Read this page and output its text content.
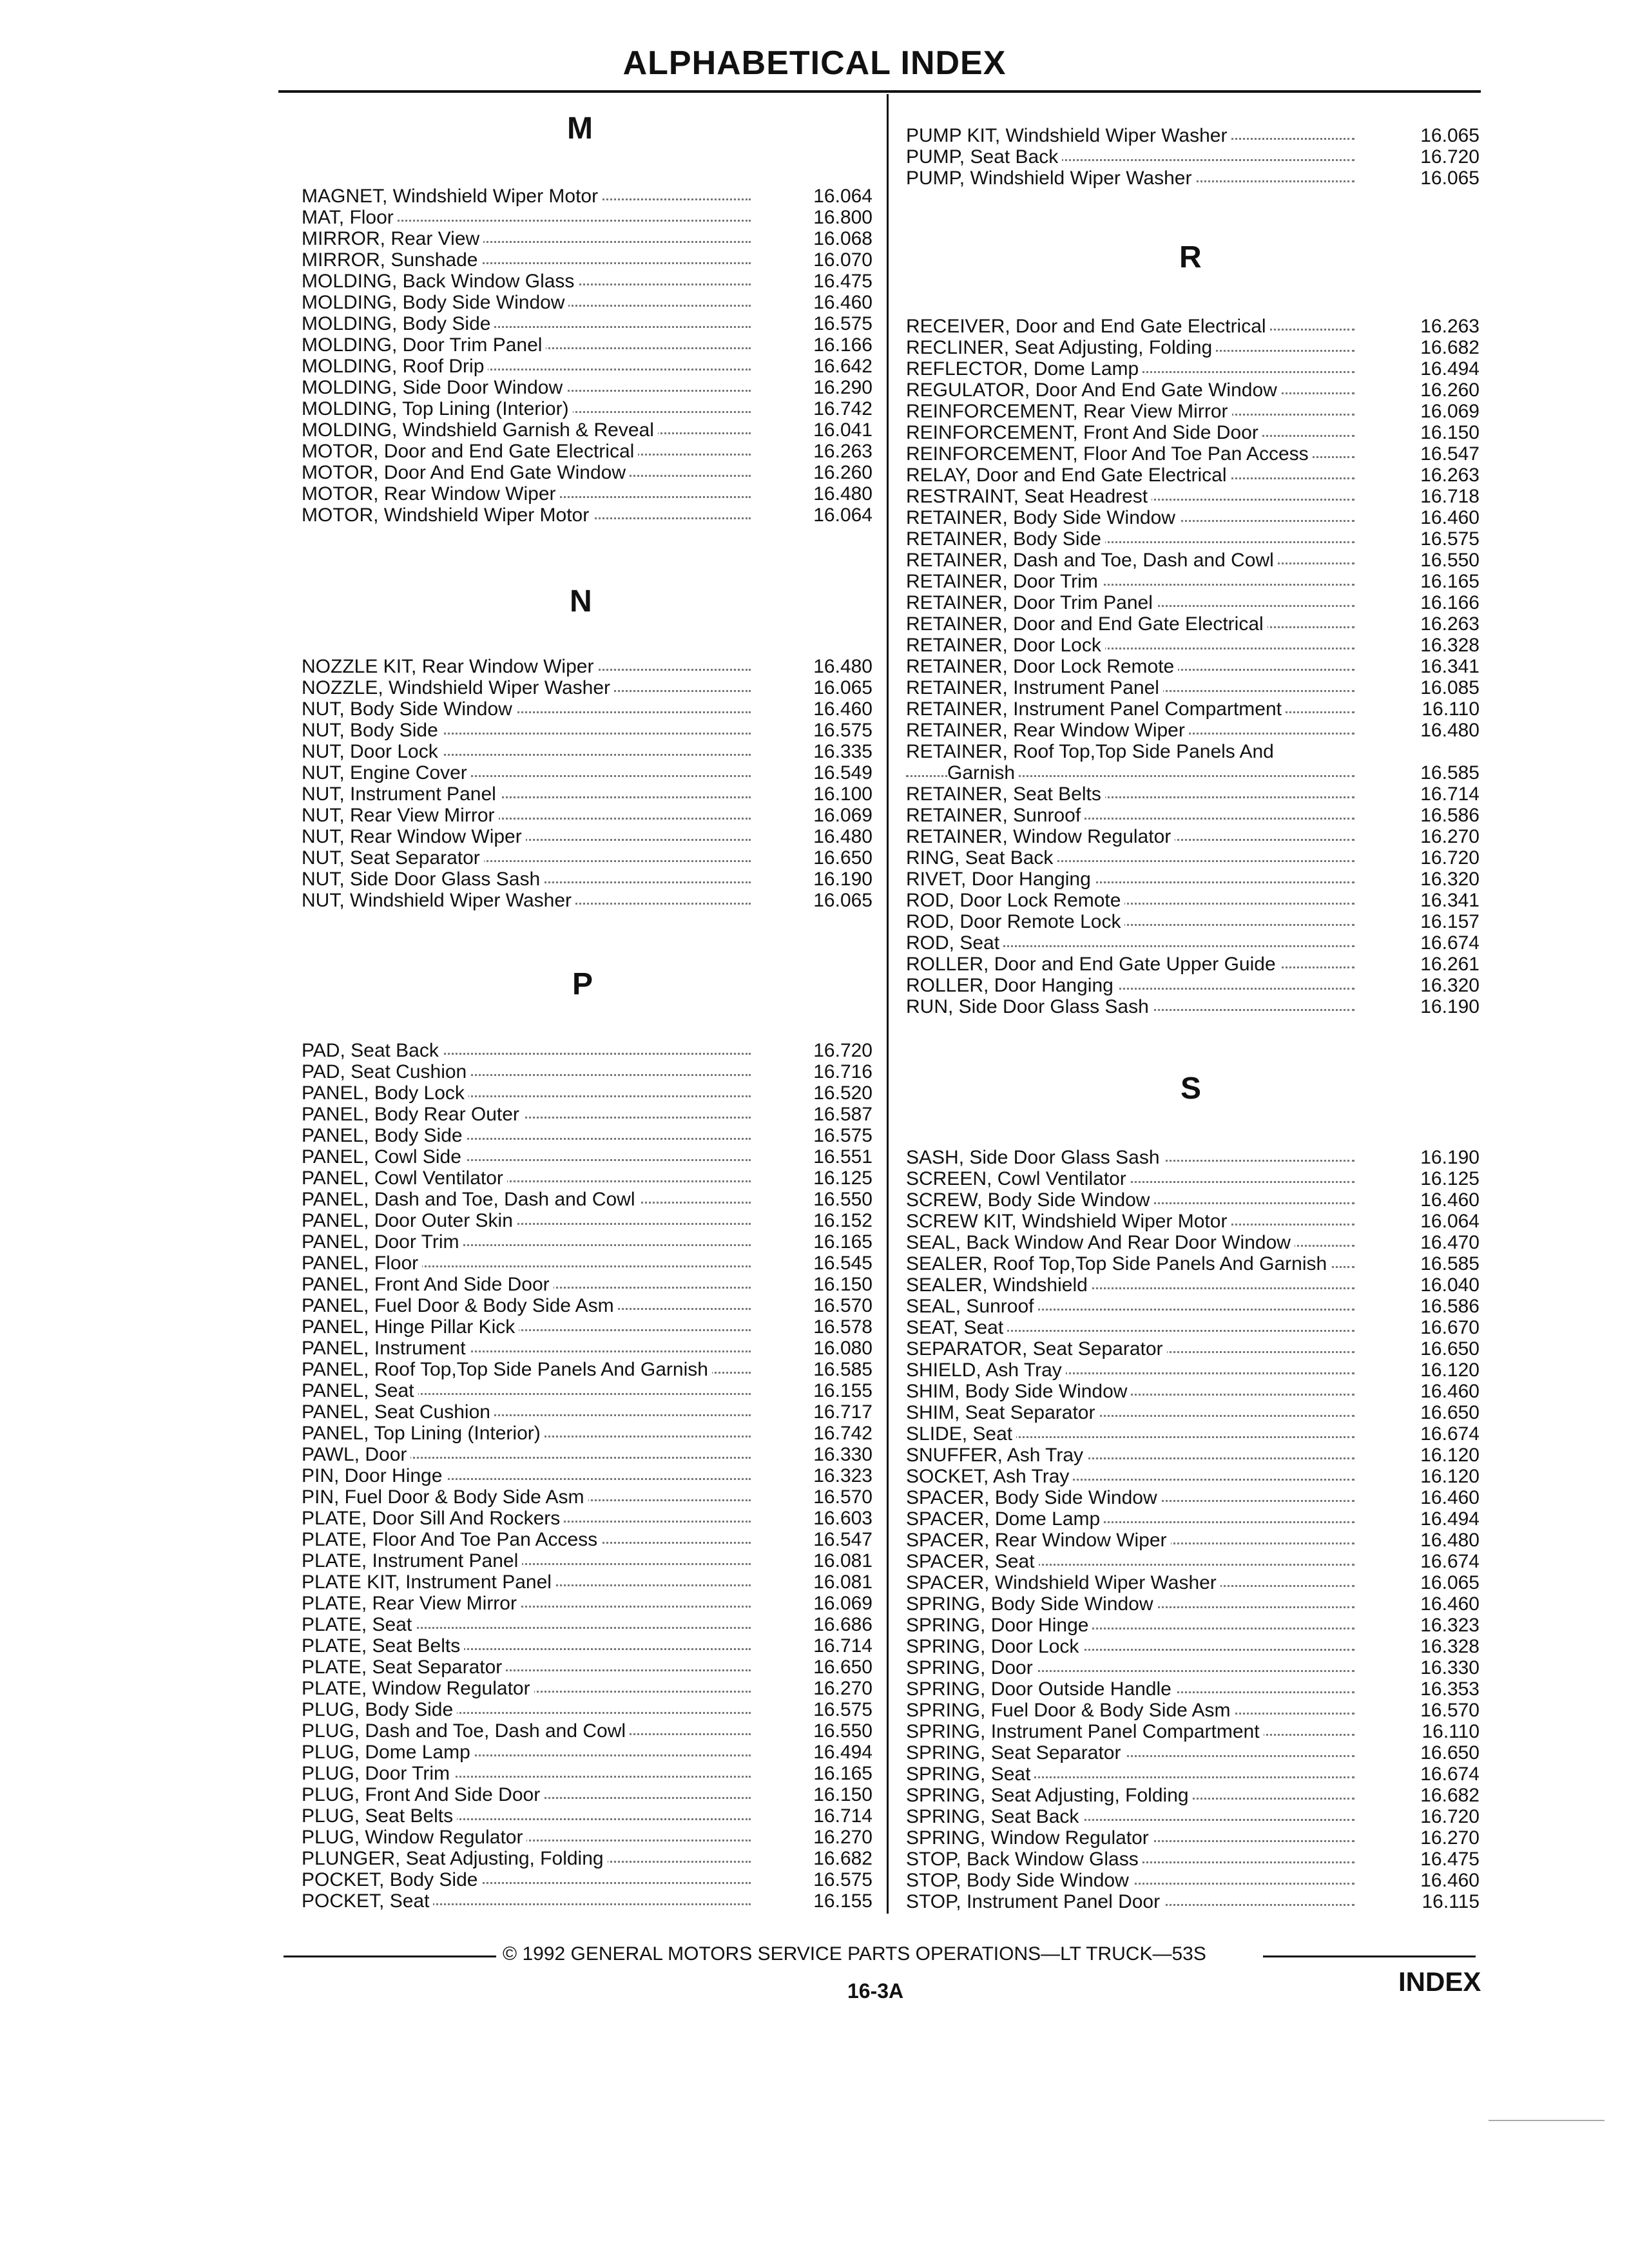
ALPHABETICAL INDEX
M
MAGNET, Windshield Wiper Motor	16.064
MAT, Floor	16.800
MIRROR, Rear View	16.068
MIRROR, Sunshade	16.070
MOLDING, Back Window Glass	16.475
MOLDING, Body Side Window	16.460
MOLDING, Body Side	16.575
MOLDING, Door Trim Panel	16.166
MOLDING, Roof Drip	16.642
MOLDING, Side Door Window	16.290
MOLDING, Top Lining (Interior)	16.742
MOLDING, Windshield Garnish & Reveal	16.041
MOTOR, Door and End Gate Electrical	16.263
MOTOR, Door And End Gate Window	16.260
MOTOR, Rear Window Wiper	16.480
MOTOR, Windshield Wiper Motor	16.064
N
NOZZLE KIT, Rear Window Wiper	16.480
NOZZLE, Windshield Wiper Washer	16.065
NUT, Body Side Window	16.460
NUT, Body Side	16.575
NUT, Door Lock	16.335
NUT, Engine Cover	16.549
NUT, Instrument Panel	16.100
NUT, Rear View Mirror	16.069
NUT, Rear Window Wiper	16.480
NUT, Seat Separator	16.650
NUT, Side Door Glass Sash	16.190
NUT, Windshield Wiper Washer	16.065
P
PAD, Seat Back	16.720
PAD, Seat Cushion	16.716
PANEL, Body Lock	16.520
PANEL, Body Rear Outer	16.587
PANEL, Body Side	16.575
PANEL, Cowl Side	16.551
PANEL, Cowl Ventilator	16.125
PANEL, Dash and Toe, Dash and Cowl	16.550
PANEL, Door Outer Skin	16.152
PANEL, Door Trim	16.165
PANEL, Floor	16.545
PANEL, Front And Side Door	16.150
PANEL, Fuel Door & Body Side Asm	16.570
PANEL, Hinge Pillar Kick	16.578
PANEL, Instrument	16.080
PANEL, Roof Top,Top Side Panels And Garnish	16.585
PANEL, Seat	16.155
PANEL, Seat Cushion	16.717
PANEL, Top Lining (Interior)	16.742
PAWL, Door	16.330
PIN, Door Hinge	16.323
PIN, Fuel Door & Body Side Asm	16.570
PLATE, Door Sill And Rockers	16.603
PLATE, Floor And Toe Pan Access	16.547
PLATE, Instrument Panel	16.081
PLATE KIT, Instrument Panel	16.081
PLATE, Rear View Mirror	16.069
PLATE, Seat	16.686
PLATE, Seat Belts	16.714
PLATE, Seat Separator	16.650
PLATE, Window Regulator	16.270
PLUG, Body Side	16.575
PLUG, Dash and Toe, Dash and Cowl	16.550
PLUG, Dome Lamp	16.494
PLUG, Door Trim	16.165
PLUG, Front And Side Door	16.150
PLUG, Seat Belts	16.714
PLUG, Window Regulator	16.270
PLUNGER, Seat Adjusting, Folding	16.682
POCKET, Body Side	16.575
POCKET, Seat	16.155
PUMP KIT, Windshield Wiper Washer	16.065
PUMP, Seat Back	16.720
PUMP, Windshield Wiper Washer	16.065
R
RECEIVER, Door and End Gate Electrical	16.263
RECLINER, Seat Adjusting, Folding	16.682
REFLECTOR, Dome Lamp	16.494
REGULATOR, Door And End Gate Window	16.260
REINFORCEMENT, Rear View Mirror	16.069
REINFORCEMENT, Front And Side Door	16.150
REINFORCEMENT, Floor And Toe Pan Access	16.547
RELAY, Door and End Gate Electrical	16.263
RESTRAINT, Seat Headrest	16.718
RETAINER, Body Side Window	16.460
RETAINER, Body Side	16.575
RETAINER, Dash and Toe, Dash and Cowl	16.550
RETAINER, Door Trim	16.165
RETAINER, Door Trim Panel	16.166
RETAINER, Door and End Gate Electrical	16.263
RETAINER, Door Lock	16.328
RETAINER, Door Lock Remote	16.341
RETAINER, Instrument Panel	16.085
RETAINER, Instrument Panel Compartment	16.110
RETAINER, Rear Window Wiper	16.480
RETAINER, Roof Top,Top Side Panels And
Garnish	16.585
RETAINER, Seat Belts	16.714
RETAINER, Sunroof	16.586
RETAINER, Window Regulator	16.270
RING, Seat Back	16.720
RIVET, Door Hanging	16.320
ROD, Door Lock Remote	16.341
ROD, Door Remote Lock	16.157
ROD, Seat	16.674
ROLLER, Door and End Gate Upper Guide	16.261
ROLLER, Door Hanging	16.320
RUN, Side Door Glass Sash	16.190
S
SASH, Side Door Glass Sash	16.190
SCREEN, Cowl Ventilator	16.125
SCREW, Body Side Window	16.460
SCREW KIT, Windshield Wiper Motor	16.064
SEAL, Back Window And Rear Door Window	16.470
SEALER, Roof Top,Top Side Panels And Garnish	16.585
SEALER, Windshield	16.040
SEAL, Sunroof	16.586
SEAT, Seat	16.670
SEPARATOR, Seat Separator	16.650
SHIELD, Ash Tray	16.120
SHIM, Body Side Window	16.460
SHIM, Seat Separator	16.650
SLIDE, Seat	16.674
SNUFFER, Ash Tray	16.120
SOCKET, Ash Tray	16.120
SPACER, Body Side Window	16.460
SPACER, Dome Lamp	16.494
SPACER, Rear Window Wiper	16.480
SPACER, Seat	16.674
SPACER, Windshield Wiper Washer	16.065
SPRING, Body Side Window	16.460
SPRING, Door Hinge	16.323
SPRING, Door Lock	16.328
SPRING, Door	16.330
SPRING, Door Outside Handle	16.353
SPRING, Fuel Door & Body Side Asm	16.570
SPRING, Instrument Panel Compartment	16.110
SPRING, Seat Separator	16.650
SPRING, Seat	16.674
SPRING, Seat Adjusting, Folding	16.682
SPRING, Seat Back	16.720
SPRING, Window Regulator	16.270
STOP, Back Window Glass	16.475
STOP, Body Side Window	16.460
STOP, Instrument Panel Door	16.115
© 1992 GENERAL MOTORS SERVICE PARTS OPERATIONS—LT TRUCK—53S
16-3A	INDEX
